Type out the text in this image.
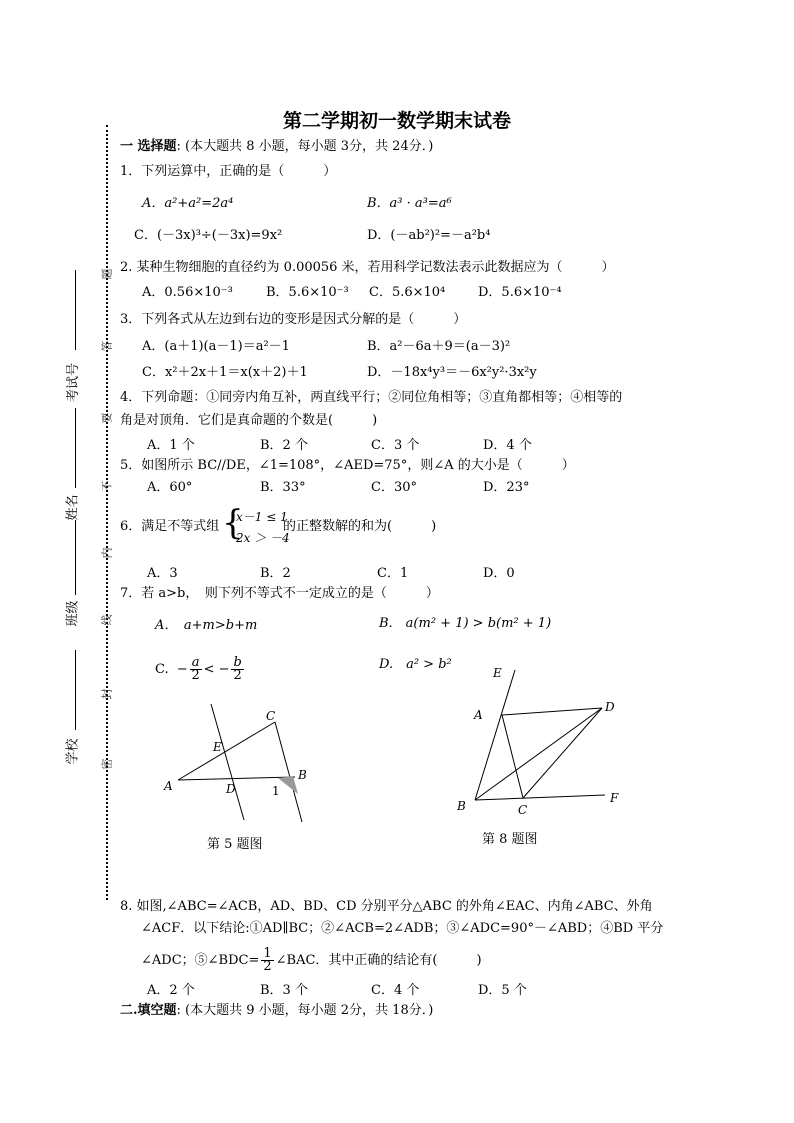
第二学期初一数学期末试卷
密
封
线
内
不
要
答
题
学校
班级
姓名
考试号
一 选择题: (本大题共 8 小题，每小题 3分，共 24分．)
1．下列运算中，正确的是（　　　）
A．a²+a²=2a⁴	B．a³ · a³=a⁶
C．(－3x)³÷(－3x)=9x²	D．(－ab²)²=－a²b⁴
2. 某种生物细胞的直径约为 0.00056 米，若用科学记数法表示此数据应为（　　　）
A．0.56×10⁻³	B．5.6×10⁻³ C．5.6×10⁴	D．5.6×10⁻⁴
3．下列各式从左边到右边的变形是因式分解的是（　　　）
A．(a＋1)(a－1)＝a²－1	B．a²－6a＋9＝(a－3)²
C．x²＋2x＋1＝x(x＋2)＋1	D．－18x⁴y³＝－6x²y²·3x²y
4．下列命题：①同旁内角互补，两直线平行；②同位角相等；③直角都相等；④相等的
角是对顶角．它们是真命题的个数是(　　　)
A．1 个	B．2 个	C．3 个	D．4 个
5．如图所示 BC//DE，∠1=108°，∠AED=75°，则∠A 的大小是（　　　）
A．60°	B．33°	C．30°	D．23°
6．满足不等式组 {
x－1 ≤ 1
2x ＞ －4
的正整数解的和为(　　　)
A．3	B．2	C．1	D．0
7．若 a>b，　则下列不等式不一定成立的是（　　　）
A．　a+m>b+m	B.　a(m² + 1) > b(m² + 1)
C.  − $\frac{a}{2}$ < − $\frac{b}{2}$	D.　a² > b²
A
B
C
D
E
1
第 5 题图
A
B	C
D
E
F
第 8 题图
8. 如图,∠ABC=∠ACB，AD、BD、CD 分别平分△ABC 的外角∠EAC、内角∠ABC、外角
∠ACF．以下结论:①AD∥BC；②∠ACB=2∠ADB；③∠ADC=90°－∠ABD；④BD 平分
∠ADC；⑤∠BDC= $\frac{1}{2}$ ∠BAC．其中正确的结论有(　　　)
A．2 个	B．3 个	C．4 个	D．5 个
二.填空题: (本大题共 9 小题，每小题 2分，共 18分．)
